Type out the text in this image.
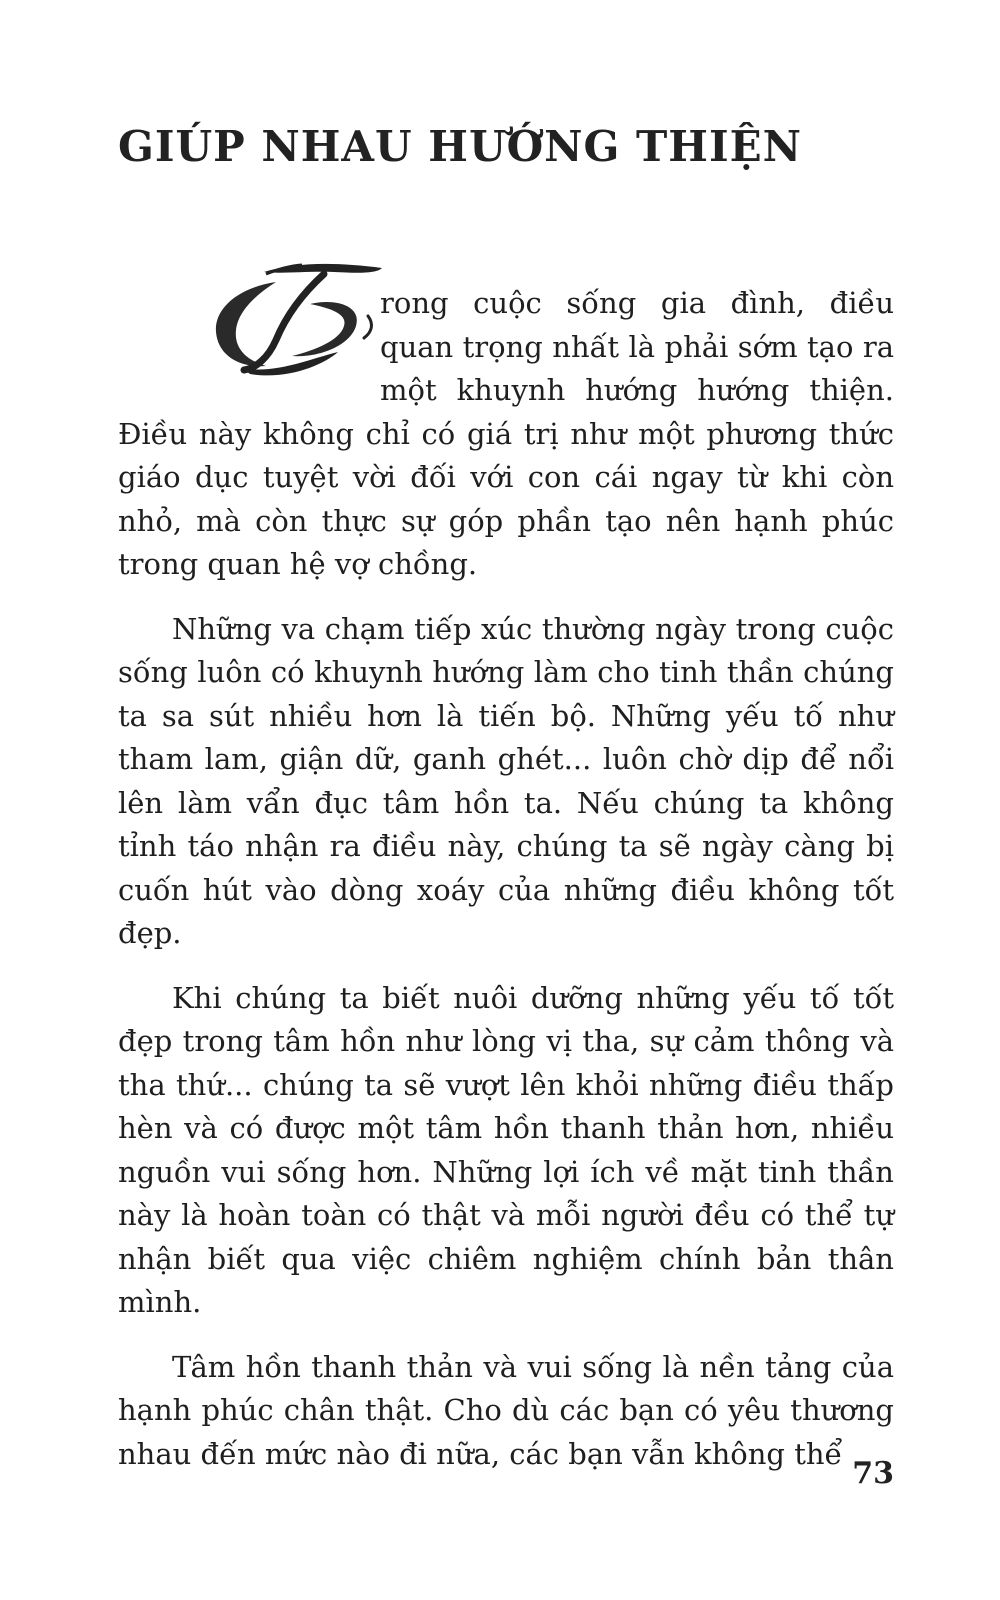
GIÚP NHAU HƯỚNG THIỆN

rong cuộc sống gia đình, điều quan trọng nhất là phải sớm tạo ra một khuynh hướng hướng thiện. Điều này không chỉ có giá trị như một phương thức giáo dục tuyệt vời đối với con cái ngay từ khi còn nhỏ, mà còn thực sự góp phần tạo nên hạnh phúc trong quan hệ vợ chồng.

Những va chạm tiếp xúc thường ngày trong cuộc sống luôn có khuynh hướng làm cho tinh thần chúng ta sa sút nhiều hơn là tiến bộ. Những yếu tố như tham lam, giận dữ, ganh ghét... luôn chờ dịp để nổi lên làm vẩn đục tâm hồn ta. Nếu chúng ta không tỉnh táo nhận ra điều này, chúng ta sẽ ngày càng bị cuốn hút vào dòng xoáy của những điều không tốt đẹp.

Khi chúng ta biết nuôi dưỡng những yếu tố tốt đẹp trong tâm hồn như lòng vị tha, sự cảm thông và tha thứ... chúng ta sẽ vượt lên khỏi những điều thấp hèn và có được một tâm hồn thanh thản hơn, nhiều nguồn vui sống hơn. Những lợi ích về mặt tinh thần này là hoàn toàn có thật và mỗi người đều có thể tự nhận biết qua việc chiêm nghiệm chính bản thân mình.

Tâm hồn thanh thản và vui sống là nền tảng của hạnh phúc chân thật. Cho dù các bạn có yêu thương nhau đến mức nào đi nữa, các bạn vẫn không thể

73
